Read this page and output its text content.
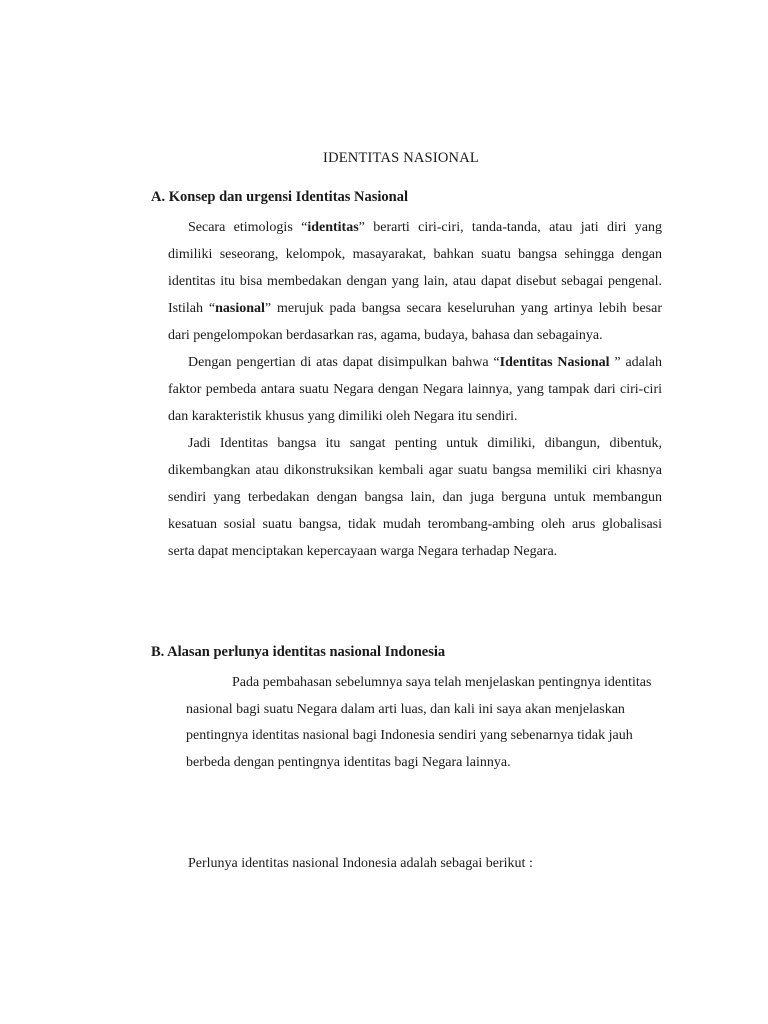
IDENTITAS NASIONAL
A. Konsep dan urgensi Identitas Nasional

Secara etimologis “identitas” berarti ciri-ciri, tanda-tanda, atau jati diri yang dimiliki seseorang, kelompok, masayarakat, bahkan suatu bangsa sehingga dengan identitas itu bisa membedakan dengan yang lain, atau dapat disebut sebagai pengenal. Istilah “nasional” merujuk pada bangsa secara keseluruhan yang artinya lebih besar dari pengelompokan berdasarkan ras, agama, budaya, bahasa dan sebagainya.

Dengan pengertian di atas dapat disimpulkan bahwa “Identitas Nasional ” adalah faktor pembeda antara suatu Negara dengan Negara lainnya, yang tampak dari ciri-ciri dan karakteristik khusus yang dimiliki oleh Negara itu sendiri.

Jadi Identitas bangsa itu sangat penting untuk dimiliki, dibangun, dibentuk, dikembangkan atau dikonstruksikan kembali agar suatu bangsa memiliki ciri khasnya sendiri yang terbedakan dengan bangsa lain, dan juga berguna untuk membangun kesatuan sosial suatu bangsa, tidak mudah terombang-ambing oleh arus globalisasi serta dapat menciptakan kepercayaan warga Negara terhadap Negara.

B. Alasan perlunya identitas nasional Indonesia

Pada pembahasan sebelumnya saya telah menjelaskan pentingnya identitas nasional bagi suatu Negara dalam arti luas, dan kali ini saya akan menjelaskan pentingnya identitas nasional bagi Indonesia sendiri yang sebenarnya tidak jauh berbeda dengan pentingnya identitas bagi Negara lainnya.

Perlunya identitas nasional Indonesia adalah sebagai berikut :
